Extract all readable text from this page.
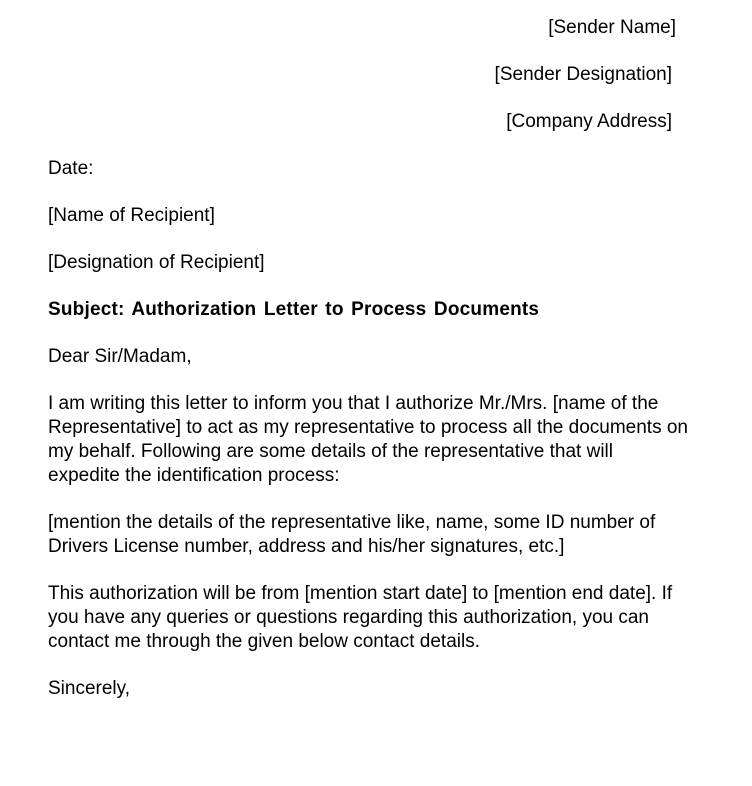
[Sender Name]
[Sender Designation]
[Company Address]
Date:
[Name of Recipient]
[Designation of Recipient]
Subject: Authorization Letter to Process Documents
Dear Sir/Madam,

I am writing this letter to inform you that I authorize Mr./Mrs. [name of the Representative] to act as my representative to process all the documents on my behalf. Following are some details of the representative that will expedite the identification process:

[mention the details of the representative like, name, some ID number of Drivers License number, address and his/her signatures, etc.]

This authorization will be from [mention start date] to [mention end date]. If you have any queries or questions regarding this authorization, you can contact me through the given below contact details.

Sincerely,
